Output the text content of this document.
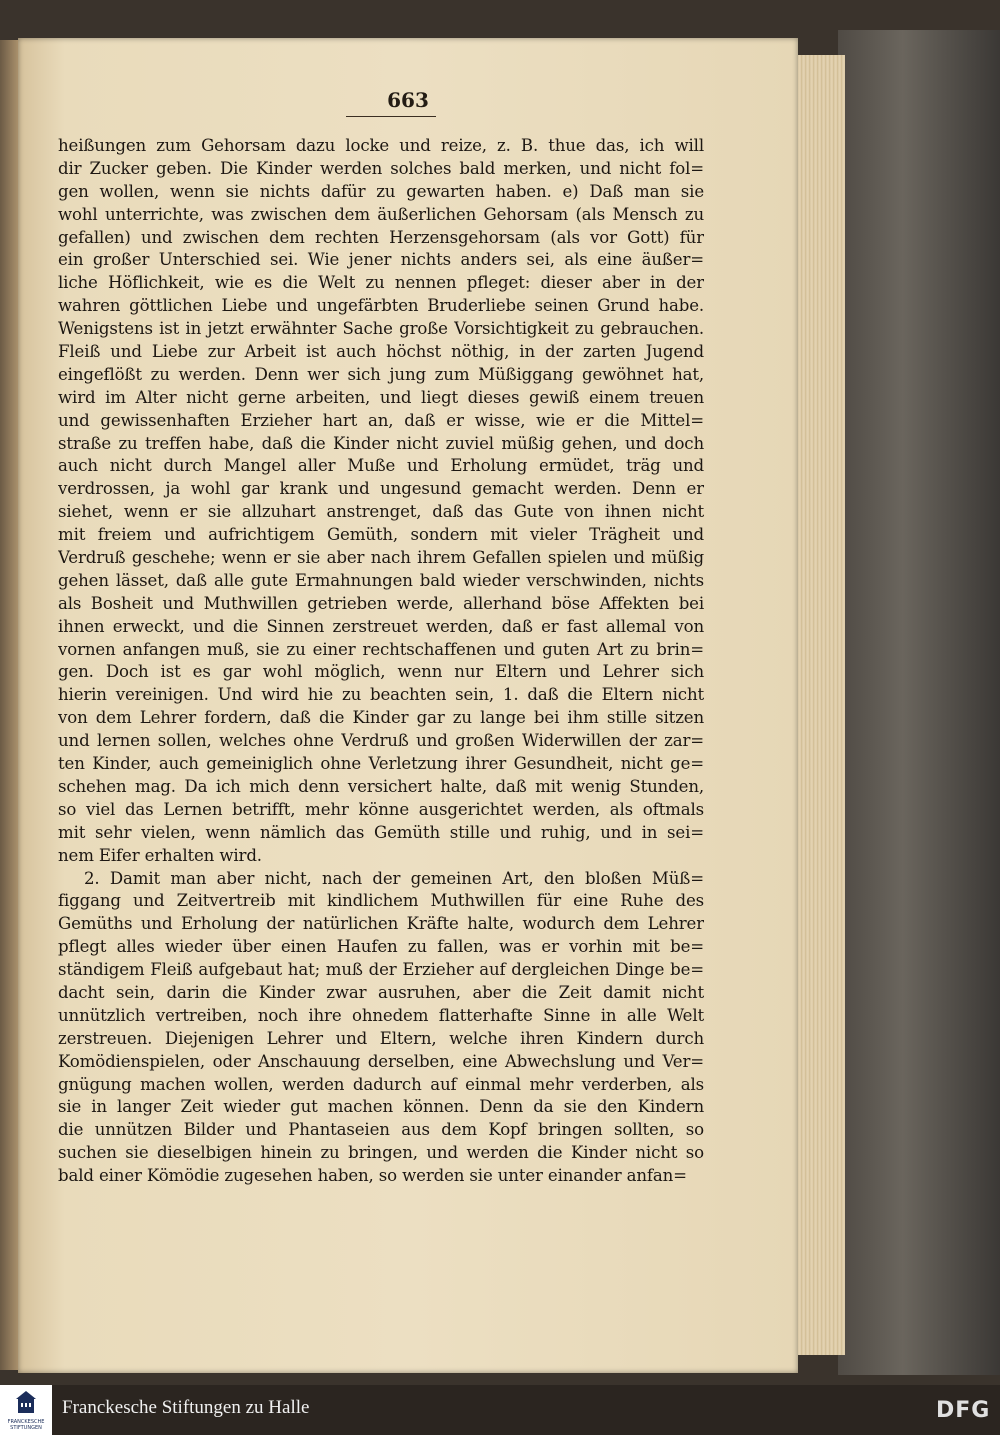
663
heißungen zum Gehorsam dazu locke und reize, z. B. thue das, ich will
dir Zucker geben. Die Kinder werden solches bald merken, und nicht fol=
gen wollen, wenn sie nichts dafür zu gewarten haben. e) Daß man sie
wohl unterrichte, was zwischen dem äußerlichen Gehorsam (als Mensch zu
gefallen) und zwischen dem rechten Herzensgehorsam (als vor Gott) für
ein großer Unterschied sei. Wie jener nichts anders sei, als eine äußer=
liche Höflichkeit, wie es die Welt zu nennen pfleget: dieser aber in der
wahren göttlichen Liebe und ungefärbten Bruderliebe seinen Grund habe.
Wenigstens ist in jetzt erwähnter Sache große Vorsichtigkeit zu gebrauchen.
Fleiß und Liebe zur Arbeit ist auch höchst nöthig, in der zarten Jugend
eingeflößt zu werden. Denn wer sich jung zum Müßiggang gewöhnet hat,
wird im Alter nicht gerne arbeiten, und liegt dieses gewiß einem treuen
und gewissenhaften Erzieher hart an, daß er wisse, wie er die Mittel=
straße zu treffen habe, daß die Kinder nicht zuviel müßig gehen, und doch
auch nicht durch Mangel aller Muße und Erholung ermüdet, träg und
verdrossen, ja wohl gar krank und ungesund gemacht werden. Denn er
siehet, wenn er sie allzuhart anstrenget, daß das Gute von ihnen nicht
mit freiem und aufrichtigem Gemüth, sondern mit vieler Trägheit und
Verdruß geschehe; wenn er sie aber nach ihrem Gefallen spielen und müßig
gehen lässet, daß alle gute Ermahnungen bald wieder verschwinden, nichts
als Bosheit und Muthwillen getrieben werde, allerhand böse Affekten bei
ihnen erweckt, und die Sinnen zerstreuet werden, daß er fast allemal von
vornen anfangen muß, sie zu einer rechtschaffenen und guten Art zu brin=
gen. Doch ist es gar wohl möglich, wenn nur Eltern und Lehrer sich
hierin vereinigen. Und wird hie zu beachten sein, 1. daß die Eltern nicht
von dem Lehrer fordern, daß die Kinder gar zu lange bei ihm stille sitzen
und lernen sollen, welches ohne Verdruß und großen Widerwillen der zar=
ten Kinder, auch gemeiniglich ohne Verletzung ihrer Gesundheit, nicht ge=
schehen mag. Da ich mich denn versichert halte, daß mit wenig Stunden,
so viel das Lernen betrifft, mehr könne ausgerichtet werden, als oftmals
mit sehr vielen, wenn nämlich das Gemüth stille und ruhig, und in sei=
nem Eifer erhalten wird.
2. Damit man aber nicht, nach der gemeinen Art, den bloßen Müß=
figgang und Zeitvertreib mit kindlichem Muthwillen für eine Ruhe des
Gemüths und Erholung der natürlichen Kräfte halte, wodurch dem Lehrer
pflegt alles wieder über einen Haufen zu fallen, was er vorhin mit be=
ständigem Fleiß aufgebaut hat; muß der Erzieher auf dergleichen Dinge be=
dacht sein, darin die Kinder zwar ausruhen, aber die Zeit damit nicht
unnützlich vertreiben, noch ihre ohnedem flatterhafte Sinne in alle Welt
zerstreuen. Diejenigen Lehrer und Eltern, welche ihren Kindern durch
Komödienspielen, oder Anschauung derselben, eine Abwechslung und Ver=
gnügung machen wollen, werden dadurch auf einmal mehr verderben, als
sie in langer Zeit wieder gut machen können. Denn da sie den Kindern
die unnützen Bilder und Phantaseien aus dem Kopf bringen sollten, so
suchen sie dieselbigen hinein zu bringen, und werden die Kinder nicht so
bald einer Kömödie zugesehen haben, so werden sie unter einander anfan=
FRANCKESCHE STIFTUNGEN
Franckesche Stiftungen zu Halle	DFG
